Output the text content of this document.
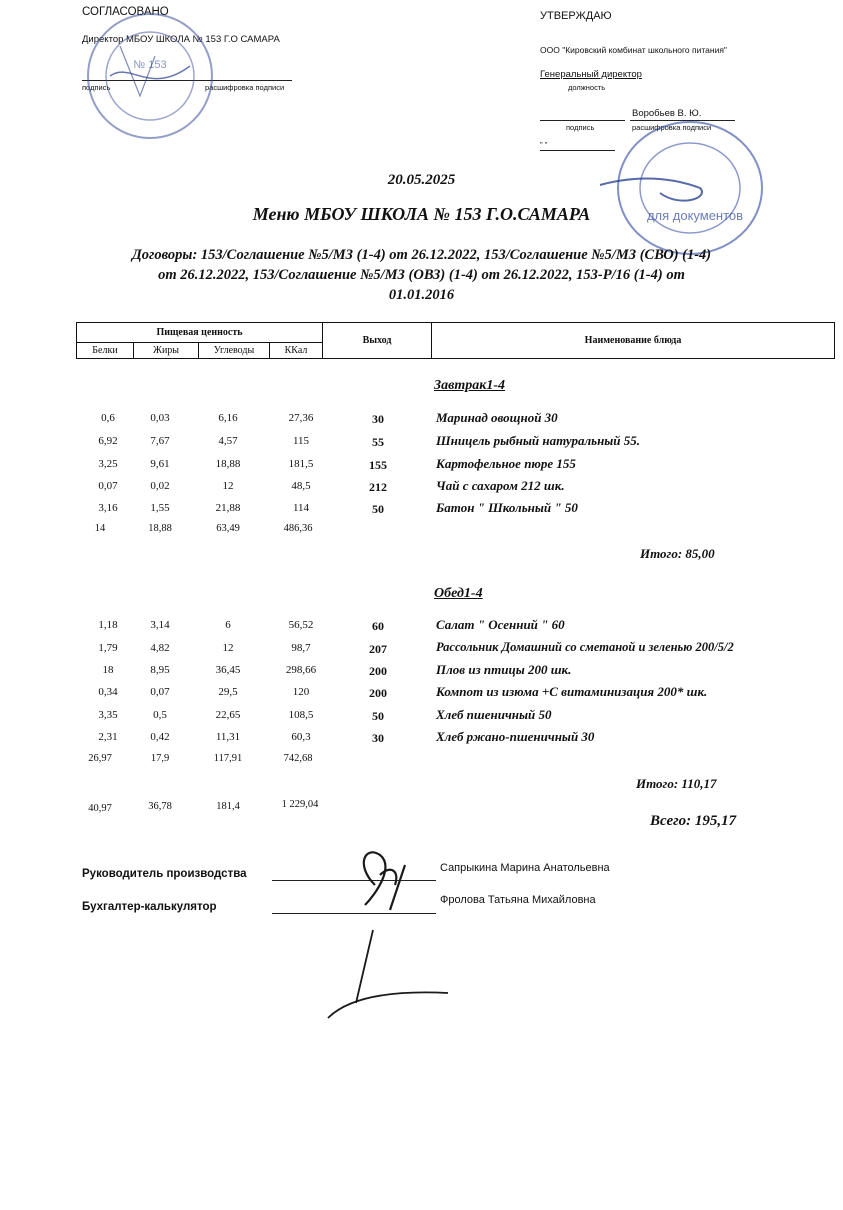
СОГЛАСОВАНО
Директор МБОУ ШКОЛА № 153 Г.О САМАРА
подпись	расшифровка подписи
№ 153
УТВЕРЖДАЮ
ООО "Кировский комбинат школьного питания"
Генеральный директор
должность
Воробьев В. Ю.
подпись	расшифровка подписи
" "
для документов
20.05.2025
Меню МБОУ ШКОЛА № 153 Г.О.САМАРА
Договоры: 153/Соглашение №5/МЗ (1-4) от 26.12.2022, 153/Соглашение №5/МЗ (СВО) (1-4)
от 26.12.2022, 153/Соглашение №5/МЗ (ОВЗ) (1-4) от 26.12.2022, 153-Р/16 (1-4) от
01.01.2016
Пищевая ценность				Выход	Наименование блюда
Белки	Жиры	Углеводы	ККал		
Завтрак1-4
0,6	0,03	6,16	27,36	30	Маринад овощной 30
6,92	7,67	4,57	115	55	Шницель рыбный натуральный 55.
3,25	9,61	18,88	181,5	155	Картофельное пюре 155
0,07	0,02	12	48,5	212	Чай с сахаром 212 шк.
3,16	1,55	21,88	114	50	Батон " Школьный " 50
14	18,88	63,49	486,36
Итого: 85,00
Обед1-4
1,18	3,14	6	56,52	60	Салат " Осенний " 60
1,79	4,82	12	98,7	207	Рассольник Домашний со сметаной и зеленью 200/5/2
18	8,95	36,45	298,66	200	Плов из птицы 200 шк.
0,34	0,07	29,5	120	200	Компот из изюма +С витаминизация 200* шк.
3,35	0,5	22,65	108,5	50	Хлеб пшеничный 50
2,31	0,42	11,31	60,3	30	Хлеб ржано-пшеничный 30
26,97	17,9	117,91	742,68
Итого: 110,17
40,97	36,78	181,4	1 229,04
Всего: 195,17
Руководитель производства	Сапрыкина Марина Анатольевна
Бухгалтер-калькулятор
Фролова Татьяна Михайловна
